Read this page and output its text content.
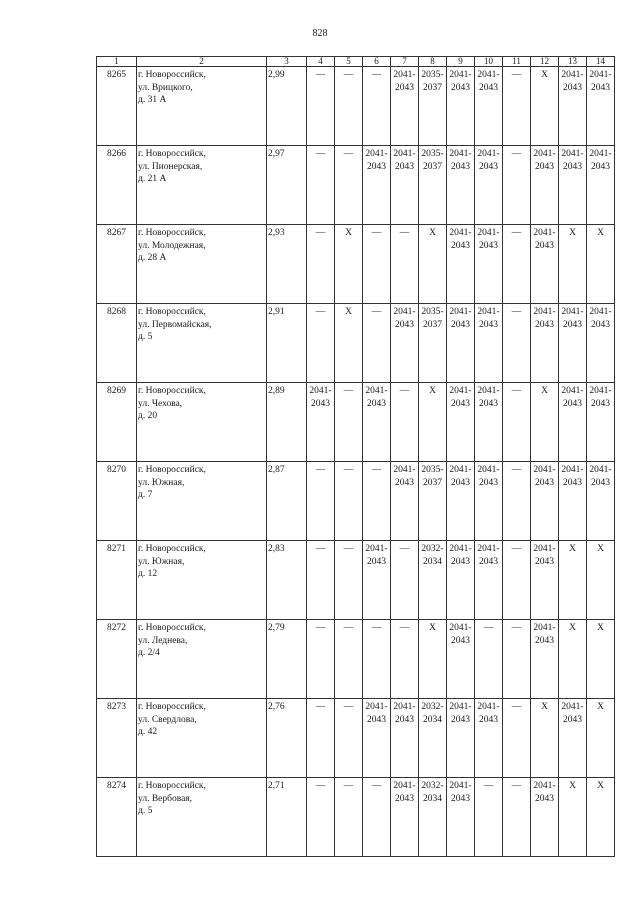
828
1	2	3	4	5	6	7	8	9	10	11	12	13	14
8265	г. Новороссийск,
ул. Врицкого,
д. 31 А	2,99	—	—	—	2041-
2043	2035-
2037	2041-
2043	2041-
2043	—	X	2041-
2043	2041-
2043

8266	г. Новороссийск,
ул. Пионерская,
д. 21 А	2,97	—	—	2041-
2043	2041-
2043	2035-
2037	2041-
2043	2041-
2043	—	2041-
2043	2041-
2043	2041-
2043

8267	г. Новороссийск,
ул. Молодежная,
д. 28 А	2,93	—	X	—	—	X	2041-
2043	2041-
2043	—	2041-
2043	X	X

8268	г. Новороссийск,
ул. Первомайская,
д. 5	2,91	—	X	—	2041-
2043	2035-
2037	2041-
2043	2041-
2043	—	2041-
2043	2041-
2043	2041-
2043

8269	г. Новороссийск,
ул. Чехова,
д. 20	2,89	2041-
2043	—	2041-
2043	—	X	2041-
2043	2041-
2043	—	X	2041-
2043	2041-
2043

8270	г. Новороссийск,
ул. Южная,
д. 7	2,87	—	—	—	2041-
2043	2035-
2037	2041-
2043	2041-
2043	—	2041-
2043	2041-
2043	2041-
2043

8271	г. Новороссийск,
ул. Южная,
д. 12	2,83	—	—	2041-
2043	—	2032-
2034	2041-
2043	2041-
2043	—	2041-
2043	X	X

8272	г. Новороссийск,
ул. Леднева,
д. 2/4	2,79	—	—	—	—	X	2041-
2043	—	—	2041-
2043	X	X

8273	г. Новороссийск,
ул. Свердлова,
д. 42	2,76	—	—	2041-
2043	2041-
2043	2032-
2034	2041-
2043	2041-
2043	—	X	2041-
2043	X

8274	г. Новороссийск,
ул. Вербовая,
д. 5	2,71	—	—	—	2041-
2043	2032-
2034	2041-
2043	—	—	2041-
2043	X	X
